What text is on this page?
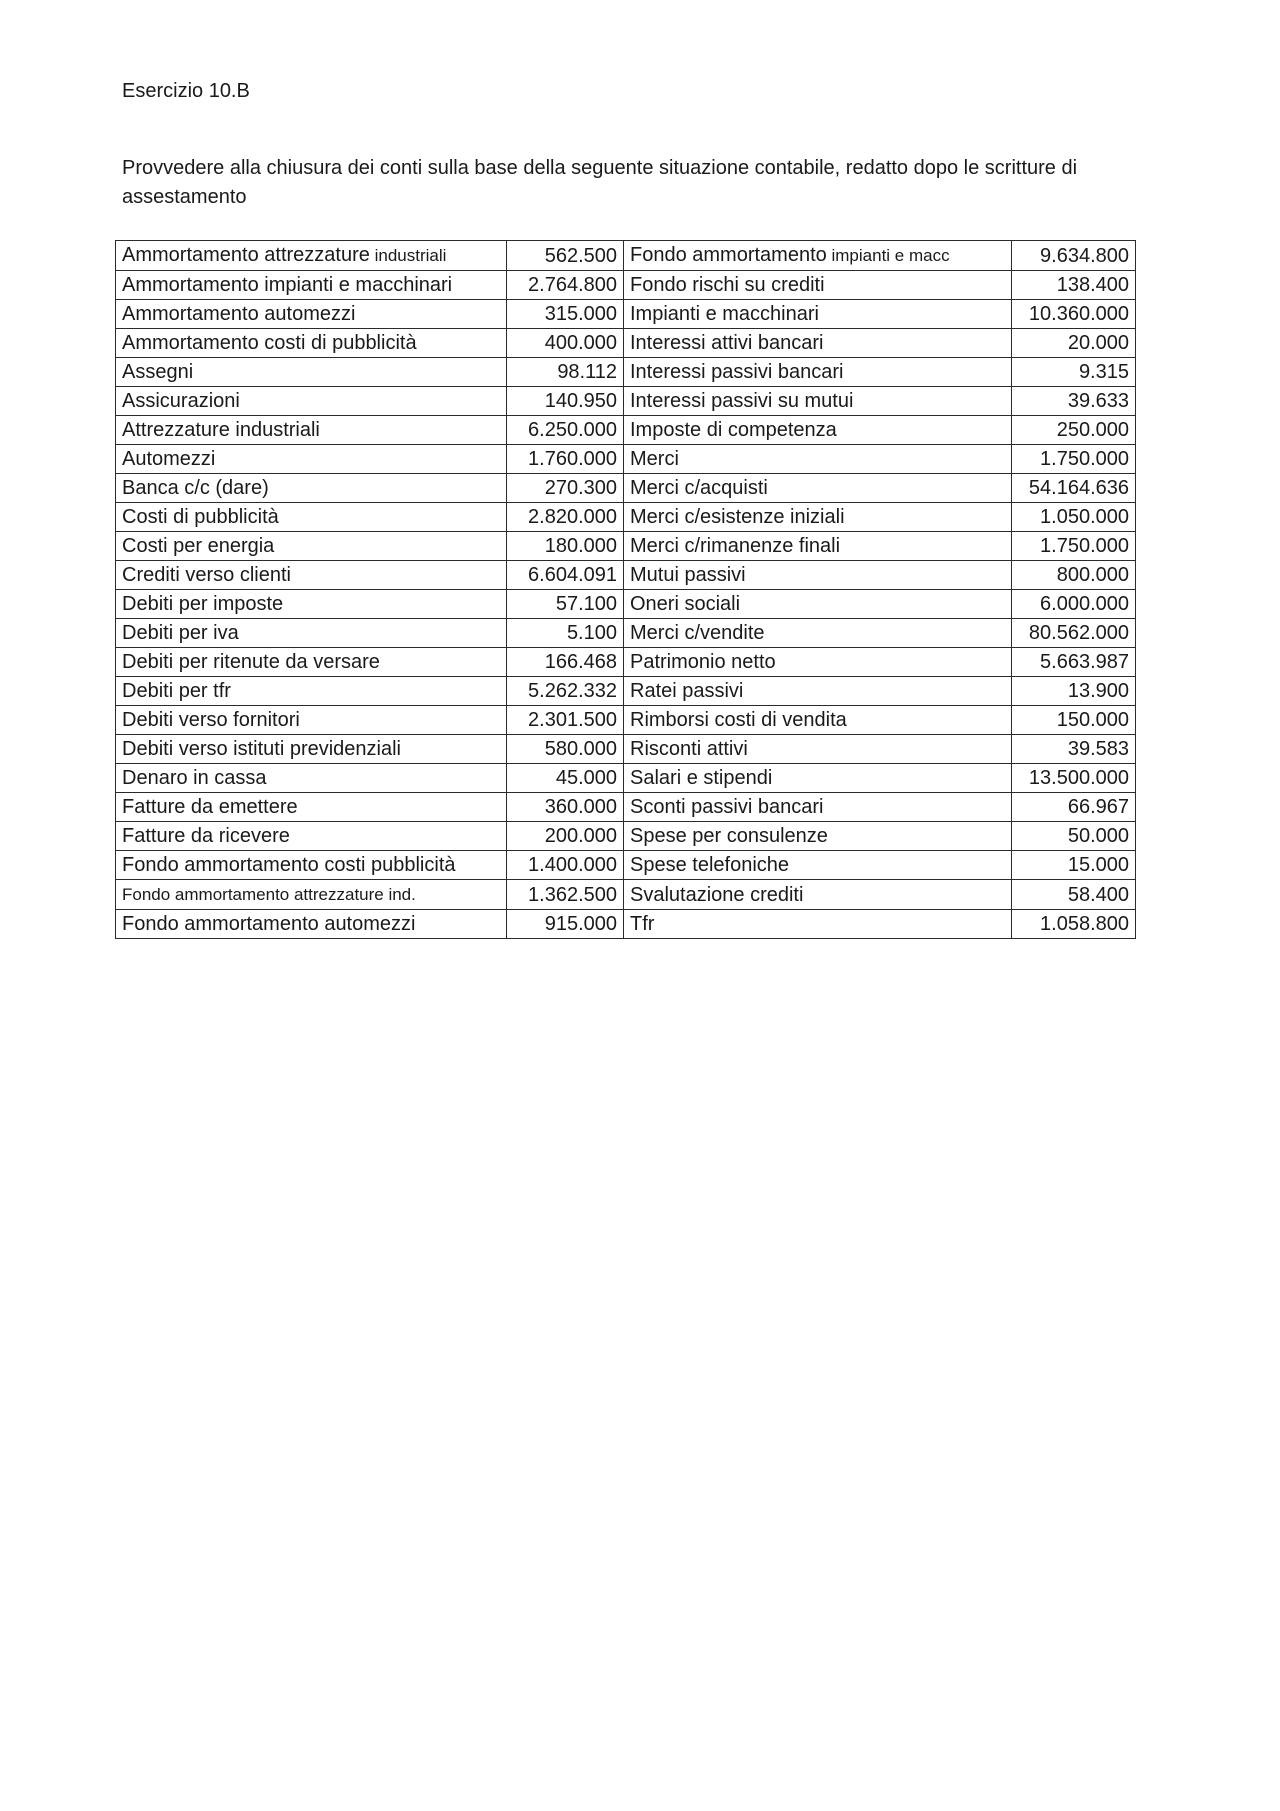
Esercizio 10.B

Provvedere alla chiusura dei conti sulla base della seguente situazione contabile, redatto dopo le scritture di assestamento

Ammortamento attrezzature industriali	562.500	Fondo ammortamento impianti e macc	9.634.800
Ammortamento impianti e macchinari	2.764.800	Fondo rischi su crediti	138.400
Ammortamento automezzi	315.000	Impianti e macchinari	10.360.000
Ammortamento costi di pubblicità	400.000	Interessi attivi bancari	20.000
Assegni	98.112	Interessi passivi bancari	9.315
Assicurazioni	140.950	Interessi passivi su mutui	39.633
Attrezzature industriali	6.250.000	Imposte di competenza	250.000
Automezzi	1.760.000	Merci	1.750.000
Banca c/c (dare)	270.300	Merci c/acquisti	54.164.636
Costi di pubblicità	2.820.000	Merci c/esistenze iniziali	1.050.000
Costi per energia	180.000	Merci c/rimanenze finali	1.750.000
Crediti verso clienti	6.604.091	Mutui passivi	800.000
Debiti per imposte	57.100	Oneri sociali	6.000.000
Debiti per iva	5.100	Merci c/vendite	80.562.000
Debiti per ritenute da versare	166.468	Patrimonio netto	5.663.987
Debiti per tfr	5.262.332	Ratei passivi	13.900
Debiti verso fornitori	2.301.500	Rimborsi costi di vendita	150.000
Debiti verso istituti previdenziali	580.000	Risconti attivi	39.583
Denaro in cassa	45.000	Salari e stipendi	13.500.000
Fatture da emettere	360.000	Sconti passivi bancari	66.967
Fatture da ricevere	200.000	Spese per consulenze	50.000
Fondo ammortamento costi pubblicità	1.400.000	Spese telefoniche	15.000
Fondo ammortamento attrezzature ind.	1.362.500	Svalutazione crediti	58.400
Fondo ammortamento automezzi	915.000	Tfr	1.058.800
